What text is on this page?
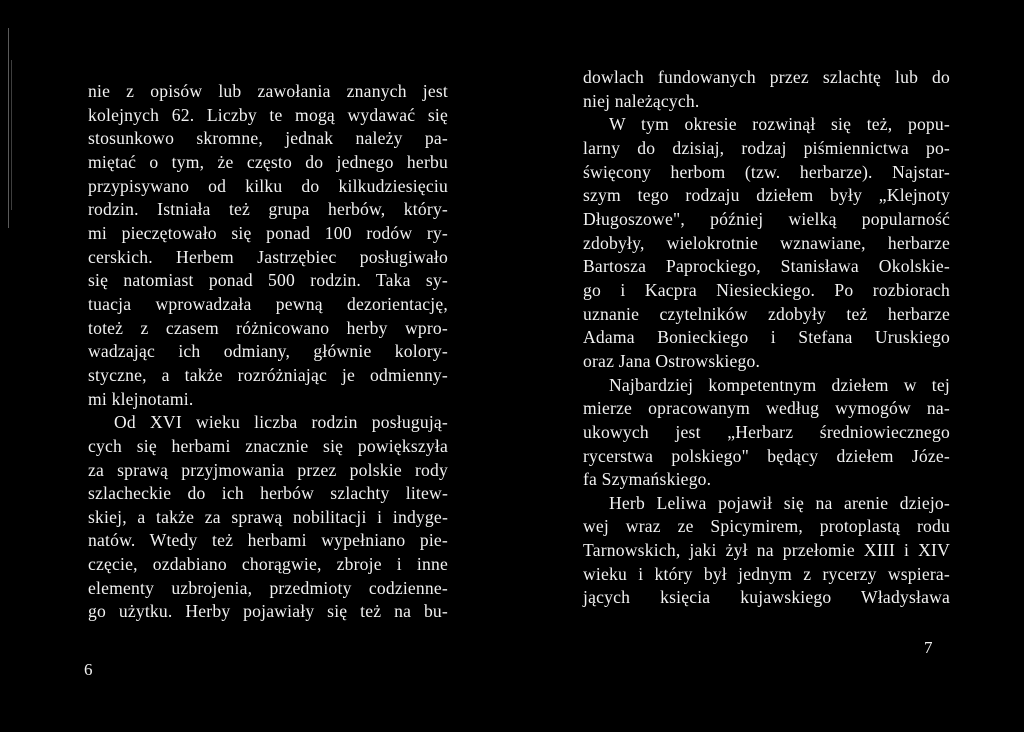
nie z opisów lub zawołania znanych jest
kolejnych 62. Liczby te mogą wydawać się
stosunkowo skromne, jednak należy pa-
miętać o tym, że często do jednego herbu
przypisywano od kilku do kilkudziesięciu
rodzin. Istniała też grupa herbów, który-
mi pieczętowało się ponad 100 rodów ry-
cerskich. Herbem Jastrzębiec posługiwało
się natomiast ponad 500 rodzin. Taka sy-
tuacja wprowadzała pewną dezorientację,
toteż z czasem różnicowano herby wpro-
wadzając ich odmiany, głównie kolory-
styczne, a także rozróżniając je odmienny-
mi klejnotami.
Od XVI wieku liczba rodzin posługują-
cych się herbami znacznie się powiększyła
za sprawą przyjmowania przez polskie rody
szlacheckie do ich herbów szlachty litew-
skiej, a także za sprawą nobilitacji i indyge-
natów. Wtedy też herbami wypełniano pie-
częcie, ozdabiano chorągwie, zbroje i inne
elementy uzbrojenia, przedmioty codzienne-
go użytku. Herby pojawiały się też na bu-
6
dowlach fundowanych przez szlachtę lub do
niej należących.
W tym okresie rozwinął się też, popu-
larny do dzisiaj, rodzaj piśmiennictwa po-
święcony herbom (tzw. herbarze). Najstar-
szym tego rodzaju dziełem były „Klejnoty
Długoszowe", później wielką popularność
zdobyły, wielokrotnie wznawiane, herbarze
Bartosza Paprockiego, Stanisława Okolskie-
go i Kacpra Niesieckiego. Po rozbiorach
uznanie czytelników zdobyły też herbarze
Adama Bonieckiego i Stefana Uruskiego
oraz Jana Ostrowskiego.
Najbardziej kompetentnym dziełem w tej
mierze opracowanym według wymogów na-
ukowych jest „Herbarz średniowiecznego
rycerstwa polskiego" będący dziełem Józe-
fa Szymańskiego.
Herb Leliwa pojawił się na arenie dziejo-
wej wraz ze Spicymirem, protoplastą rodu
Tarnowskich, jaki żył na przełomie XIII i XIV
wieku i który był jednym z rycerzy wspiera-
jących księcia kujawskiego Władysława
7
